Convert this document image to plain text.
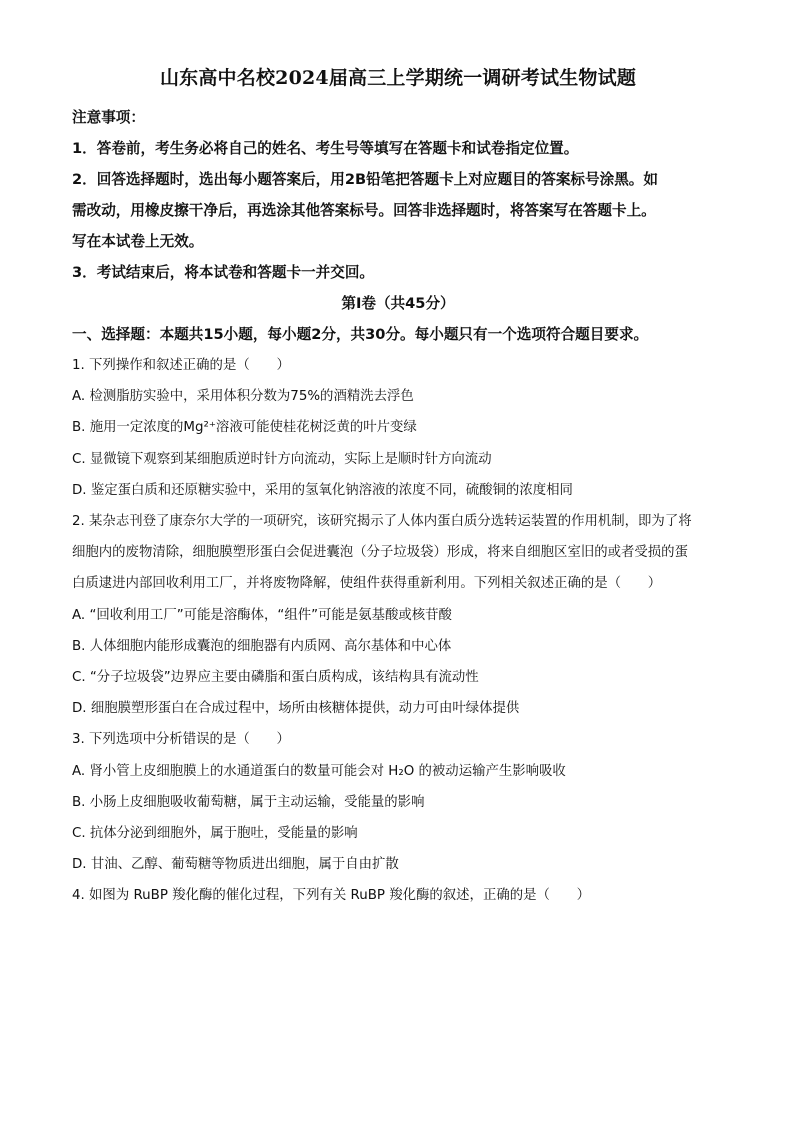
山东高中名校2024届高三上学期统一调研考试生物试题
注意事项：
1．答卷前，考生务必将自己的姓名、考生号等填写在答题卡和试卷指定位置。
2．回答选择题时，选出每小题答案后，用2B铅笔把答题卡上对应题目的答案标号涂黑。如
需改动，用橡皮擦干净后，再选涂其他答案标号。回答非选择题时，将答案写在答题卡上。
写在本试卷上无效。
3．考试结束后，将本试卷和答题卡一并交回。
第Ⅰ卷（共45分）
一、选择题：本题共15小题，每小题2分，共30分。每小题只有一个选项符合题目要求。
1. 下列操作和叙述正确的是（　　）
A. 检测脂肪实验中，采用体积分数为75%的酒精洗去浮色
B. 施用一定浓度的Mg²⁺溶液可能使桂花树泛黄的叶片变绿
C. 显微镜下观察到某细胞质逆时针方向流动，实际上是顺时针方向流动
D. 鉴定蛋白质和还原糖实验中，采用的氢氧化钠溶液的浓度不同，硫酸铜的浓度相同
2. 某杂志刊登了康奈尔大学的一项研究，该研究揭示了人体内蛋白质分选转运装置的作用机制，即为了将
细胞内的废物清除，细胞膜塑形蛋白会促进囊泡（分子垃圾袋）形成，将来自细胞区室旧的或者受损的蛋
白质逮进内部回收利用工厂，并将废物降解，使组件获得重新利用。下列相关叙述正确的是（　　）
A. “回收利用工厂”可能是溶酶体，“组件”可能是氨基酸或核苷酸
B. 人体细胞内能形成囊泡的细胞器有内质网、高尔基体和中心体
C. “分子垃圾袋”边界应主要由磷脂和蛋白质构成，该结构具有流动性
D. 细胞膜塑形蛋白在合成过程中，场所由核糖体提供，动力可由叶绿体提供
3. 下列选项中分析错误的是（　　）
A. 肾小管上皮细胞膜上的水通道蛋白的数量可能会对 H₂O 的被动运输产生影响吸收
B. 小肠上皮细胞吸收葡萄糖，属于主动运输，受能量的影响
C. 抗体分泌到细胞外，属于胞吐，受能量的影响
D. 甘油、乙醇、葡萄糖等物质进出细胞，属于自由扩散
4. 如图为 RuBP 羧化酶的催化过程，下列有关 RuBP 羧化酶的叙述，正确的是（　　）
